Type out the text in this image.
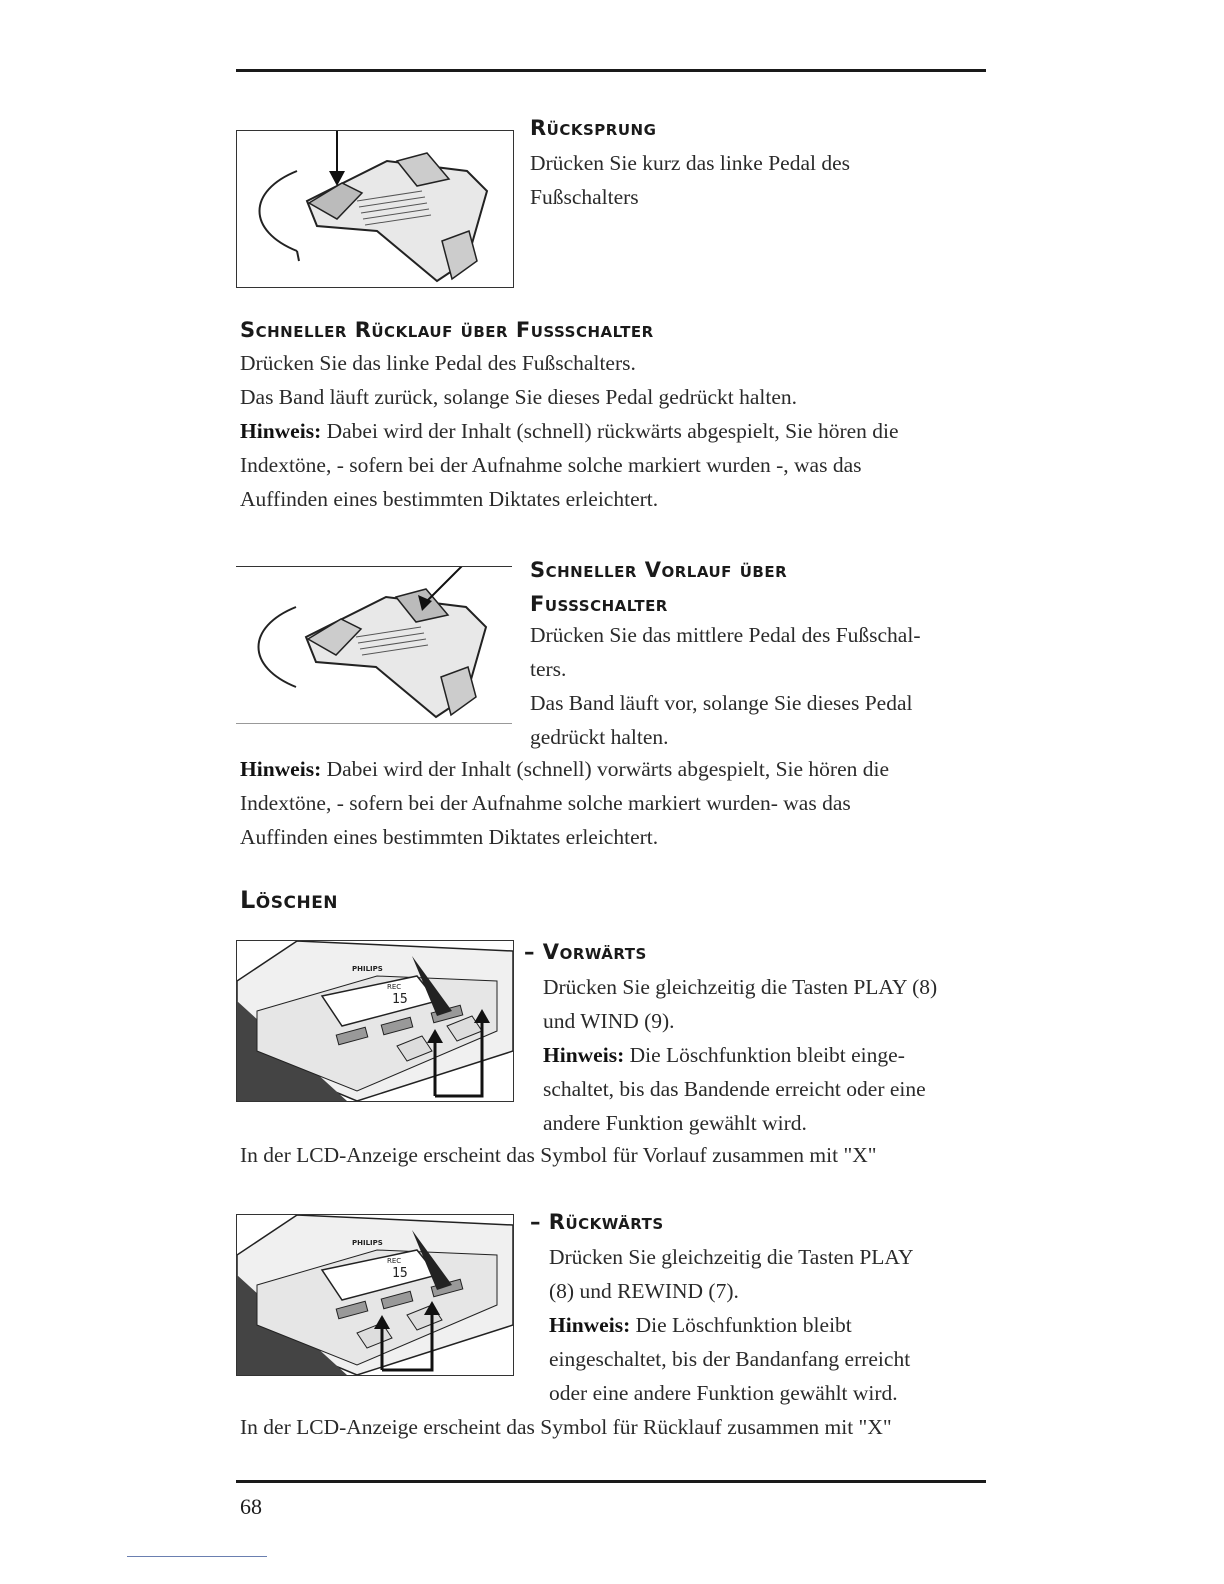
Rücksprung

Drücken Sie kurz das linke Pedal des

Fußschalters

Schneller Rücklauf über Fussschalter

Drücken Sie das linke Pedal des Fußschalters.

Das Band läuft zurück, solange Sie dieses Pedal gedrückt halten.

Hinweis: Dabei wird der Inhalt (schnell) rückwärts abgespielt, Sie hören die

Indextöne, - sofern bei der Aufnahme solche markiert wurden -, was das

Auffinden eines bestimmten Diktates erleichtert.

Schneller Vorlauf über
Fussschalter

Drücken Sie das mittlere Pedal des Fußschal-

ters.

Das Band läuft vor, solange Sie dieses Pedal

gedrückt halten.

Hinweis: Dabei wird der Inhalt (schnell) vorwärts abgespielt, Sie hören die

Indextöne, - sofern bei der Aufnahme solche markiert wurden- was das

Auffinden eines bestimmten Diktates erleichtert.

Löschen
PHILIPS
15
REC
– Vorwärts

Drücken Sie gleichzeitig die Tasten PLAY (8)

und WIND (9).

Hinweis: Die Löschfunktion bleibt einge-

schaltet, bis das Bandende erreicht oder eine

andere Funktion gewählt wird.

In der LCD-Anzeige erscheint das Symbol für Vorlauf zusammen mit "X"
PHILIPS
15
REC
– Rückwärts

Drücken Sie gleichzeitig die Tasten PLAY

(8) und REWIND (7).

Hinweis: Die Löschfunktion bleibt

eingeschaltet, bis der Bandanfang erreicht

oder eine andere Funktion gewählt wird.

In der LCD-Anzeige erscheint das Symbol für Rücklauf zusammen mit "X"
68
